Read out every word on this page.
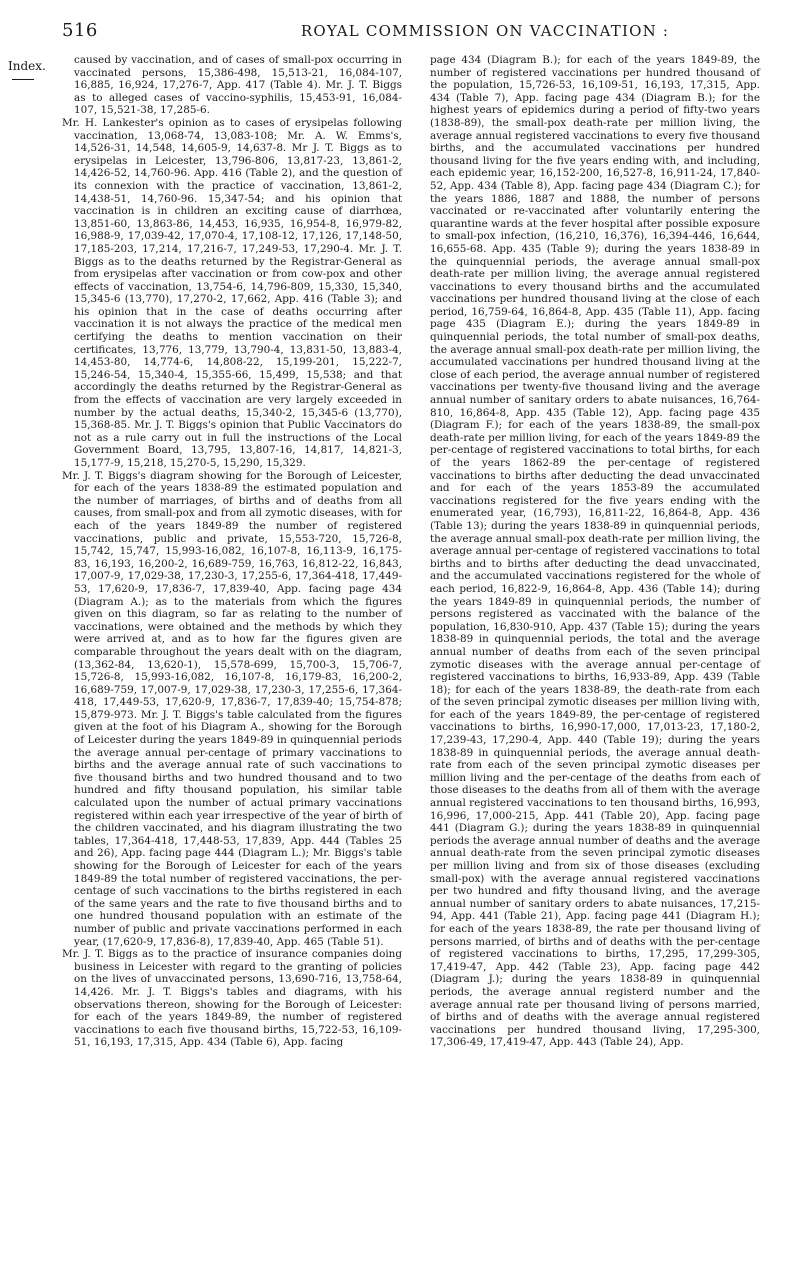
516	ROYAL COMMISSION ON VACCINATION :
Index.	caused by vaccination, and of cases of small-pox occurring in vaccinated persons, 15,386-498, 15,513-21, 16,084-107, 16,885, 16,924, 17,276-7, App. 417 (Table 4). Mr. J. T. Biggs as to alleged cases of vaccino-syphilis, 15,453-91, 16,084-107, 15,521-38, 17,285-6.

Mr. H. Lankester's opinion as to cases of erysipelas following vaccination, 13,068-74, 13,083-108; Mr. A. W. Emms's, 14,526-31, 14,548, 14,605-9, 14,637-8. Mr J. T. Biggs as to erysipelas in Leicester, 13,796-806, 13,817-23, 13,861-2, 14,426-52, 14,760-96. App. 416 (Table 2), and the question of its connexion with the practice of vaccination, 13,861-2, 14,438-51, 14,760-96. 15,347-54; and his opinion that vaccination is in children an exciting cause of diarrhœa, 13,851-60, 13,863-86, 14,453, 16,935, 16,954-8, 16,979-82, 16,988-9, 17,039-42, 17,070-4, 17,108-12, 17,126, 17,148-50, 17,185-203, 17,214, 17,216-7, 17,249-53, 17,290-4. Mr. J. T. Biggs as to the deaths returned by the Registrar-General as from erysipelas after vaccination or from cow-pox and other effects of vaccination, 13,754-6, 14,796-809, 15,330, 15,340, 15,345-6 (13,770), 17,270-2, 17,662, App. 416 (Table 3); and his opinion that in the case of deaths occurring after vaccination it is not always the practice of the medical men certifying the deaths to mention vaccination on their certificates, 13,776, 13,779, 13,790-4, 13,831-50, 13,883-4, 14,453-80, 14,774-6, 14,808-22, 15,199-201, 15,222-7, 15,246-54, 15,340-4, 15,355-66, 15,499, 15,538; and that accordingly the deaths returned by the Registrar-General as from the effects of vaccination are very largely exceeded in number by the actual deaths, 15,340-2, 15,345-6 (13,770), 15,368-85. Mr. J. T. Biggs's opinion that Public Vaccinators do not as a rule carry out in full the instructions of the Local Government Board, 13,795, 13,807-16, 14,817, 14,821-3, 15,177-9, 15,218, 15,270-5, 15,290, 15,329.

Mr. J. T. Biggs's diagram showing for the Borough of Leicester, for each of the years 1838-89 the estimated population and the number of marriages, of births and of deaths from all causes, from small-pox and from all zymotic diseases, with for each of the years 1849-89 the number of registered vaccinations, public and private, 15,553-720, 15,726-8, 15,742, 15,747, 15,993-16,082, 16,107-8, 16,113-9, 16,175-83, 16,193, 16,200-2, 16,689-759, 16,763, 16,812-22, 16,843, 17,007-9, 17,029-38, 17,230-3, 17,255-6, 17,364-418, 17,449-53, 17,620-9, 17,836-7, 17,839-40, App. facing page 434 (Diagram A.); as to the materials from which the figures given on this diagram, so far as relating to the number of vaccinations, were obtained and the methods by which they were arrived at, and as to how far the figures given are comparable throughout the years dealt with on the diagram, (13,362-84, 13,620-1), 15,578-699, 15,700-3, 15,706-7, 15,726-8, 15,993-16,082, 16,107-8, 16,179-83, 16,200-2, 16,689-759, 17,007-9, 17,029-38, 17,230-3, 17,255-6, 17,364-418, 17,449-53, 17,620-9, 17,836-7, 17,839-40; 15,754-878; 15,879-973. Mr. J. T. Biggs's table calculated from the figures given at the foot of his Diagram A., showing for the Borough of Leicester during the years 1849-89 in quinquennial periods the average annual per-centage of primary vaccinations to births and the average annual rate of such vaccinations to five thousand births and two hundred thousand and to two hundred and fifty thousand population, his similar table calculated upon the number of actual primary vaccinations registered within each year irrespective of the year of birth of the children vaccinated, and his diagram illustrating the two tables, 17,364-418, 17,448-53, 17,839, App. 444 (Tables 25 and 26), App. facing page 444 (Diagram L.); Mr. Biggs's table showing for the Borough of Leicester for each of the years 1849-89 the total number of registered vaccinations, the per-centage of such vaccinations to the births registered in each of the same years and the rate to five thousand births and to one hundred thousand population with an estimate of the number of public and private vaccinations performed in each year, (17,620-9, 17,836-8), 17,839-40, App. 465 (Table 51).

Mr. J. T. Biggs as to the practice of insurance companies doing business in Leicester with regard to the granting of policies on the lives of unvaccinated persons, 13,690-716, 13,758-64, 14,426. Mr. J. T. Biggs's tables and diagrams, with his observations thereon, showing for the Borough of Leicester: for each of the years 1849-89, the number of registered vaccinations to each five thousand births, 15,722-53, 16,109-51, 16,193, 17,315, App. 434 (Table 6), App. facing

page 434 (Diagram B.); for each of the years 1849-89, the number of registered vaccinations per hundred thousand of the population, 15,726-53, 16,109-51, 16,193, 17,315, App. 434 (Table 7), App. facing page 434 (Diagram B.); for the highest years of epidemics during a period of fifty-two years (1838-89), the small-pox death-rate per million living, the average annual registered vaccinations to every five thousand births, and the accumulated vaccinations per hundred thousand living for the five years ending with, and including, each epidemic year, 16,152-200, 16,527-8, 16,911-24, 17,840-52, App. 434 (Table 8), App. facing page 434 (Diagram C.); for the years 1886, 1887 and 1888, the number of persons vaccinated or re-vaccinated after voluntarily entering the quarantine wards at the fever hospital after possible exposure to small-pox infection, (16,210, 16,376), 16,394-446, 16,644, 16,655-68. App. 435 (Table 9); during the years 1838-89 in the quinquennial periods, the average annual small-pox death-rate per million living, the average annual registered vaccinations to every thousand births and the accumulated vaccinations per hundred thousand living at the close of each period, 16,759-64, 16,864-8, App. 435 (Table 11), App. facing page 435 (Diagram E.); during the years 1849-89 in quinquennial periods, the total number of small-pox deaths, the average annual small-pox death-rate per million living, the accumulated vaccinations per hundred thousand living at the close of each period, the average annual number of registered vaccinations per twenty-five thousand living and the average annual number of sanitary orders to abate nuisances, 16,764-810, 16,864-8, App. 435 (Table 12), App. facing page 435 (Diagram F.); for each of the years 1838-89, the small-pox death-rate per million living, for each of the years 1849-89 the per-centage of registered vaccinations to total births, for each of the years 1862-89 the per-centage of registered vaccinations to births after deducting the dead unvaccinated and for each of the years 1853-89 the accumulated vaccinations registered for the five years ending with the enumerated year, (16,793), 16,811-22, 16,864-8, App. 436 (Table 13); during the years 1838-89 in quinquennial periods, the average annual small-pox death-rate per million living, the average annual per-centage of registered vaccinations to total births and to births after deducting the dead unvaccinated, and the accumulated vaccinations registered for the whole of each period, 16,822-9, 16,864-8, App. 436 (Table 14); during the years 1849-89 in quinquennial periods, the number of persons registered as vaccinated with the balance of the population, 16,830-910, App. 437 (Table 15); during the years 1838-89 in quinquennial periods, the total and the average annual number of deaths from each of the seven principal zymotic diseases with the average annual per-centage of registered vaccinations to births, 16,933-89, App. 439 (Table 18); for each of the years 1838-89, the death-rate from each of the seven principal zymotic diseases per million living with, for each of the years 1849-89, the per-centage of registered vaccinations to births, 16,990-17,000, 17,013-23, 17,180-2, 17,239-43, 17,290-4, App. 440 (Table 19); during the years 1838-89 in quinquennial periods, the average annual death-rate from each of the seven principal zymotic diseases per million living and the per-centage of the deaths from each of those diseases to the deaths from all of them with the average annual registered vaccinations to ten thousand births, 16,993, 16,996, 17,000-215, App. 441 (Table 20), App. facing page 441 (Diagram G.); during the years 1838-89 in quinquennial periods the average annual number of deaths and the average annual death-rate from the seven principal zymotic diseases per million living and from six of those diseases (excluding small-pox) with the average annual registered vaccinations per two hundred and fifty thousand living, and the average annual number of sanitary orders to abate nuisances, 17,215-94, App. 441 (Table 21), App. facing page 441 (Diagram H.); for each of the years 1838-89, the rate per thousand living of persons married, of births and of deaths with the per-centage of registered vaccinations to births, 17,295, 17,299-305, 17,419-47, App. 442 (Table 23), App. facing page 442 (Diagram J.); during the years 1838-89 in quinquennial periods, the average annual registerd number and the average annual rate per thousand living of persons married, of births and of deaths with the average annual registered vaccinations per hundred thousand living, 17,295-300, 17,306-49, 17,419-47, App. 443 (Table 24), App.
